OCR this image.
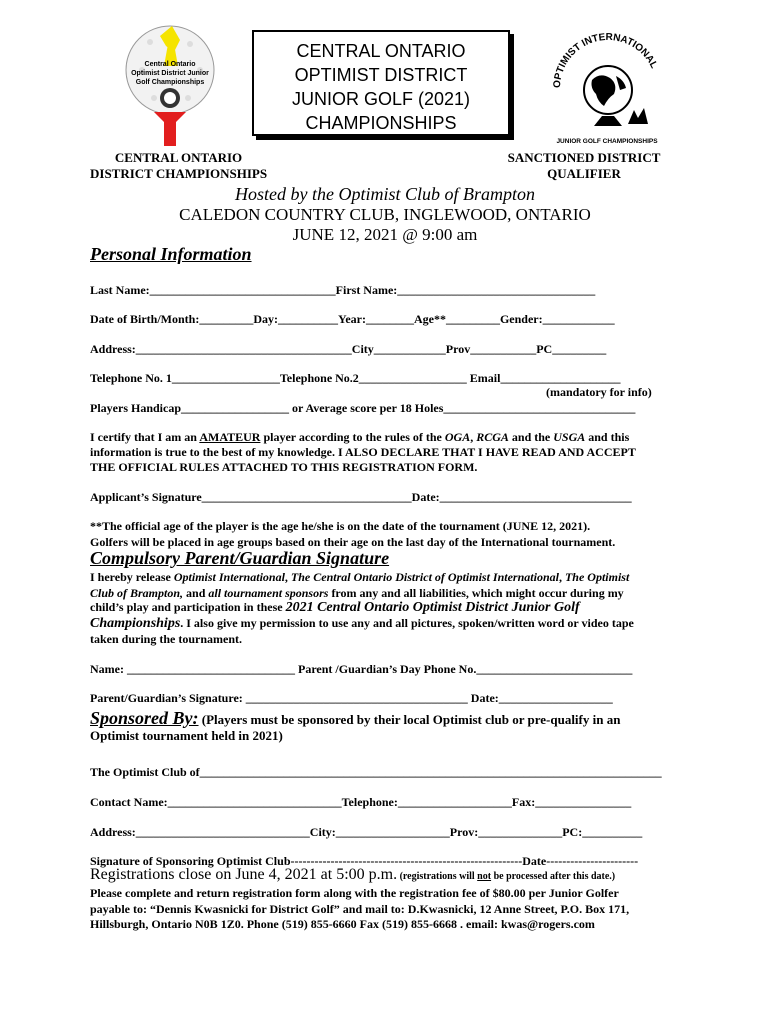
Central Ontario
Optimist District Junior
Golf Championships
CENTRAL ONTARIO
OPTIMIST DISTRICT
JUNIOR GOLF (2021)
CHAMPIONSHIPS
OPTIMIST INTERNATIONAL
JUNIOR GOLF CHAMPIONSHIPS
CENTRAL ONTARIO
DISTRICT CHAMPIONSHIPS
SANCTIONED DISTRICT
QUALIFIER
Hosted by the Optimist Club of Brampton
CALEDON COUNTRY CLUB, INGLEWOOD, ONTARIO
JUNE 12, 2021 @ 9:00 am
Personal Information
Last Name:_______________________________First Name:_________________________________
Date of Birth/Month:_________Day:__________Year:________Age**_________Gender:____________
Address:____________________________________City____________Prov___________PC_________
Telephone No. 1__________________Telephone No.2__________________ Email____________________
(mandatory for info)
Players Handicap__________________ or Average score per 18 Holes________________________________
I certify that I am an AMATEUR player according to the rules of the OGA, RCGA and the USGA and this
information is true to the best of my knowledge. I ALSO DECLARE THAT I HAVE READ AND ACCEPT
THE OFFICIAL RULES ATTACHED TO THIS REGISTRATION FORM.
Applicant’s Signature___________________________________Date:________________________________
**The official age of the player is the age he/she is on the date of the tournament (JUNE 12, 2021).
Golfers will be placed in age groups based on their age on the last day of the International tournament.
Compulsory Parent/Guardian Signature
I hereby release Optimist International, The Central Ontario District of Optimist International, The Optimist
Club of Brampton, and all tournament sponsors from any and all liabilities, which might occur during my
child’s play and participation in these 2021 Central Ontario Optimist District Junior Golf
Championships. I also give my permission to use any and all pictures, spoken/written word or video tape
taken during the tournament.
Name: ____________________________ Parent /Guardian’s Day Phone No.__________________________
Parent/Guardian’s Signature: _____________________________________ Date:___________________
Sponsored By: (Players must be sponsored by their local Optimist club or pre-qualify in an
Optimist tournament held in 2021)
The Optimist Club of_____________________________________________________________________________
Contact Name:_____________________________Telephone:___________________Fax:________________
Address:_____________________________City:___________________Prov:______________PC:__________
Signature of Sponsoring Optimist Club----------------------------------------------------------Date-----------------------
Registrations close on June 4, 2021 at 5:00 p.m. (registrations will not be processed after this date.)
Please complete and return registration form along with the registration fee of $80.00 per Junior Golfer
payable to: “Dennis Kwasnicki for District Golf” and mail to: D.Kwasnicki, 12 Anne Street, P.O. Box 171,
Hillsburgh, Ontario N0B 1Z0. Phone (519) 855-6660 Fax (519) 855-6668 . email: kwas@rogers.com
